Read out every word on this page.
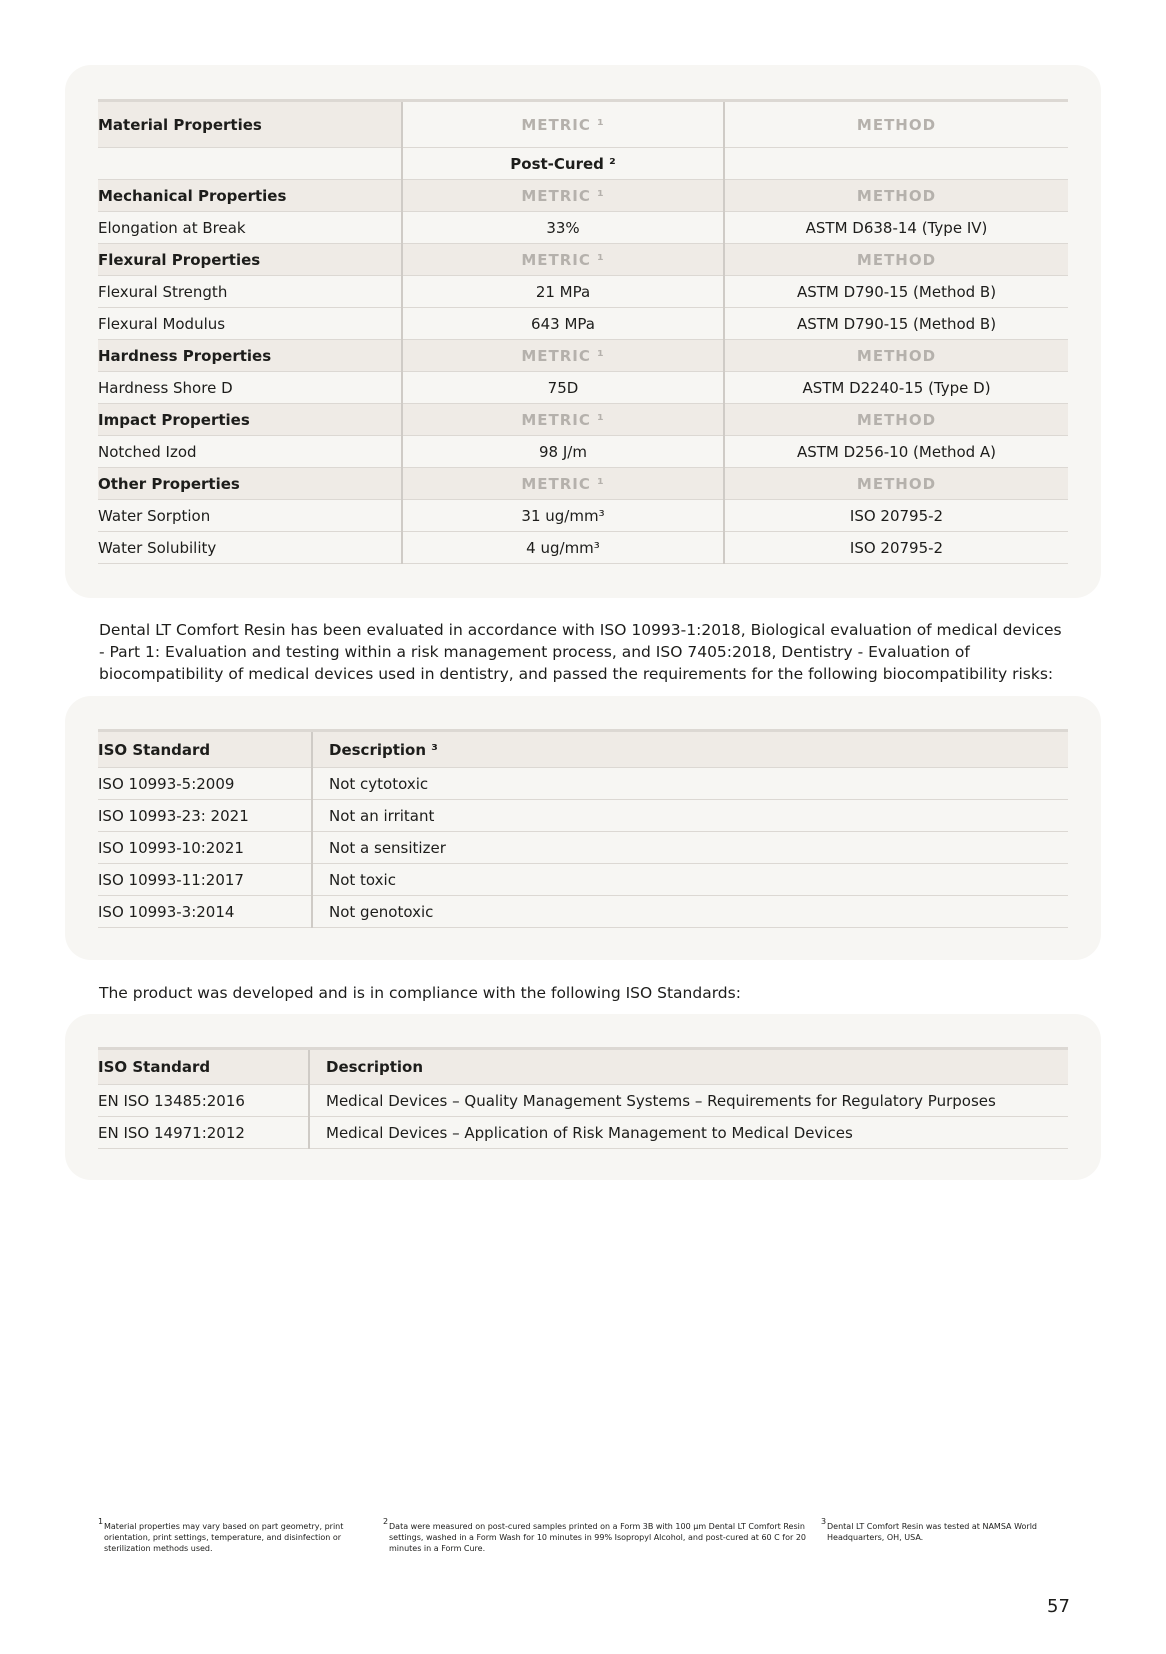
Material Properties	METRIC ¹	METHOD
	Post-Cured ²	
Mechanical Properties	METRIC ¹	METHOD
Elongation at Break	33%	ASTM D638-14 (Type IV)
Flexural Properties	METRIC ¹	METHOD
Flexural Strength	21 MPa	ASTM D790-15 (Method B)
Flexural Modulus	643 MPa	ASTM D790-15 (Method B)
Hardness Properties	METRIC ¹	METHOD
Hardness Shore D	75D	ASTM D2240-15 (Type D)
Impact Properties	METRIC ¹	METHOD
Notched Izod	98 J/m	ASTM D256-10 (Method A)
Other Properties	METRIC ¹	METHOD
Water Sorption	31 ug/mm³	ISO 20795-2
Water Solubility	4 ug/mm³	ISO 20795-2

Dental LT Comfort Resin has been evaluated in accordance with ISO 10993-1:2018, Biological evaluation of medical devices - Part 1: Evaluation and testing within a risk management process, and ISO 7405:2018, Dentistry - Evaluation of biocompatibility of medical devices used in dentistry, and passed the requirements for the following biocompatibility risks:

ISO Standard	Description ³
ISO 10993-5:2009	Not cytotoxic
ISO 10993-23: 2021	Not an irritant
ISO 10993-10:2021	Not a sensitizer
ISO 10993-11:2017	Not toxic
ISO 10993-3:2014	Not genotoxic

The product was developed and is in compliance with the following ISO Standards:

ISO Standard	Description
EN ISO 13485:2016	Medical Devices – Quality Management Systems – Requirements for Regulatory Purposes
EN ISO 14971:2012	Medical Devices – Application of Risk Management to Medical Devices
1
Material properties may vary based on part geometry, print orientation, print settings, temperature, and disinfection or sterilization methods used.
2
Data were measured on post-cured samples printed on a Form 3B with 100 µm Dental LT Comfort Resin settings, washed in a Form Wash for 10 minutes in 99% Isopropyl Alcohol, and post-cured at 60 C for 20 minutes in a Form Cure.
3
Dental LT Comfort Resin was tested at NAMSA World Headquarters, OH, USA.
57
